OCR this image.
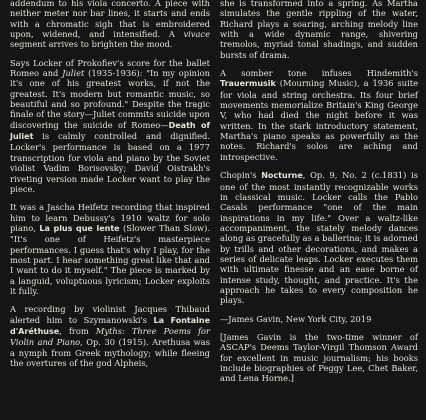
addendum to his viola concerto. A piece with neither meter nor bar lines, it starts and ends with a chromatic sigh that is embroidered upon, widened, and intensified. A vivace segment arrives to brighten the mood.

Says Locker of Prokofiev's score for the ballet Romeo and Juliet (1935-1936): "In my opinion it's one of his greatest works, if not the greatest. It's modern but romantic music, so beautiful and so profound." Despite the tragic finale of the story—Juliet commits suicide upon discovering the suicide of Romeo—Death of Juliet is calmly controlled and dignified. Locker's performance is based on a 1977 transcription for viola and piano by the Soviet violist Vadim Borisovsky; David Oistrakh's riveting version made Locker want to play the piece.

It was a Jascha Heifetz recording that inspired him to learn Debussy's 1910 waltz for solo piano, La plus que lente (Slower Than Slow). "It's one of Heifetz's masterpiece performances. I guess that's why I play, for the most part. I hear something great like that and I want to do it myself." The piece is marked by a languid, voluptuous lyricism; Locker exploits it fully.

A recording by violinist Jacques Thibaud alerted him to Szymanowski's La Fontaine d'Aréthuse, from Myths: Three Poems for Violin and Piano, Op. 30 (1915). Arethusa was a nymph from Greek mythology; while fleeing the overtures of the god Alpheis,

she is transformed into a spring. As Martha simulates the gentle rippling of the water, Richard plays a soaring, arching melody line with a wide dynamic range, shivering tremolos, myriad tonal shadings, and sudden bursts of drama.

A somber tone infuses Hindemith's Trauermusik (Mourning Music), a 1936 suite for viola and string orchestra. Its four brief movements memorialize Britain's King George V, who had died the night before it was written. In the stark introductory statement, Martha's piano speaks as powerfully as the notes. Richard's solos are aching and introspective.

Chopin's Nocturne, Op. 9, No. 2 (c.1831) is one of the most instantly recognizable works in classical music. Locker calls the Pablo Casals performance "one of the main inspirations in my life." Over a waltz-like accompaniment, the stately melody dances along as gracefully as a ballerina; it is adorned by trills and other decorations, and makes a series of delicate leaps. Locker executes them with ultimate finesse and an ease borne of intense study, thought, and practice. It's the approach he takes to every composition he plays.

—James Gavin, New York City, 2019

[James Gavin is the two-time winner of ASCAP's Deems Taylor-Virgil Thomson Award for excellent in music journalism; his books include biographies of Peggy Lee, Chet Baker, and Lena Horne.]
